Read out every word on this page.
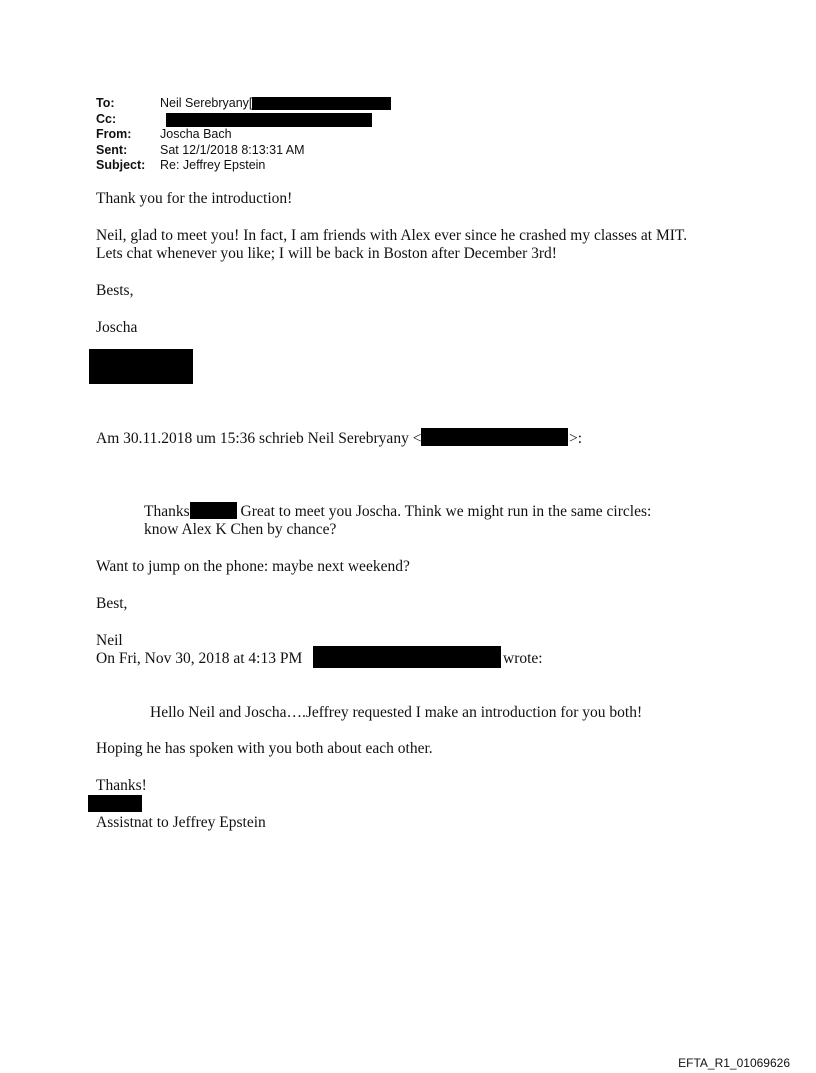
To:	Neil Serebryany[
Cc:
From:	Joscha Bach
Sent:	Sat 12/1/2018 8:13:31 AM
Subject:	Re: Jeffrey Epstein
Thank you for the introduction!
Neil, glad to meet you! In fact, I am friends with Alex ever since he crashed my classes at MIT.
Lets chat whenever you like; I will be back in Boston after December 3rd!
Bests,
Joscha
Am 30.11.2018 um 15:36 schrieb Neil Serebryany <	>:
Thanks	Great to meet you Joscha. Think we might run in the same circles:
know Alex K Chen by chance?
Want to jump on the phone: maybe next weekend?
Best,
Neil
On Fri, Nov 30, 2018 at 4:13 PM	wrote:
Hello Neil and Joscha….Jeffrey requested I make an introduction for you both!
Hoping he has spoken with you both about each other.
Thanks!
Assistnat to Jeffrey Epstein
EFTA_R1_01069626
